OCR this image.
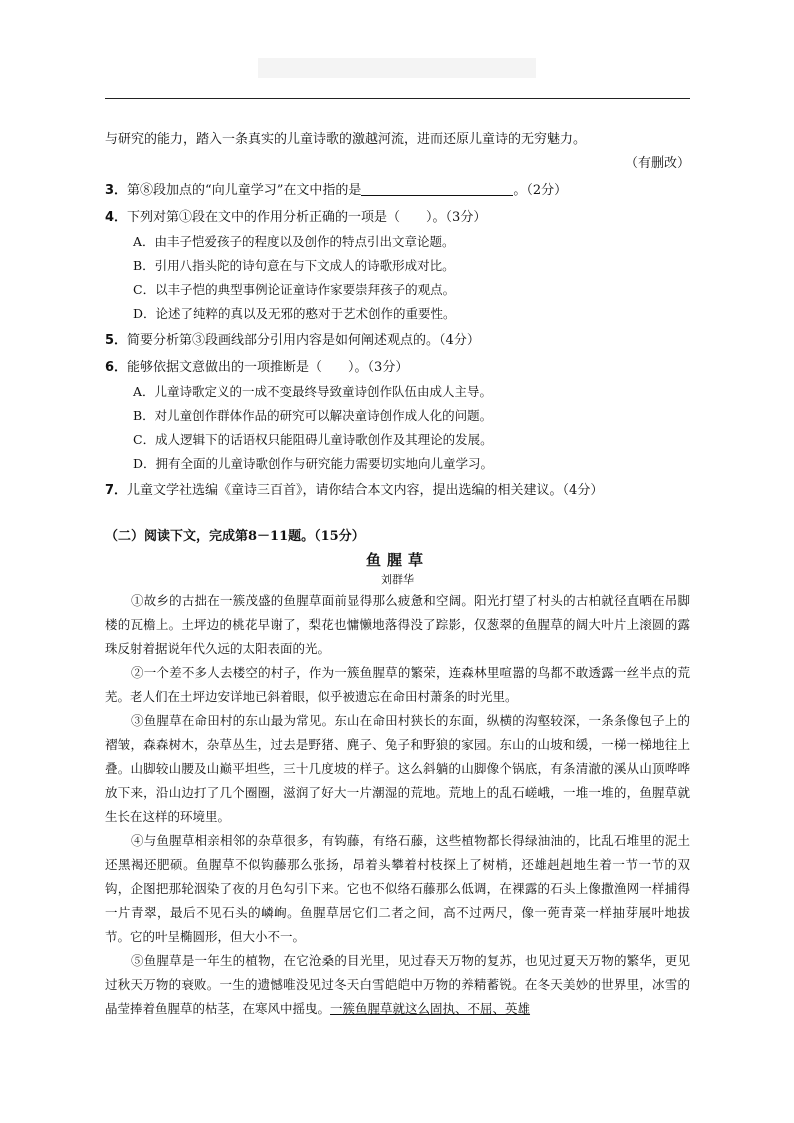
与研究的能力，踏入一条真实的儿童诗歌的激越河流，进而还原儿童诗的无穷魅力。

（有删改）

3．第⑧段加点的“向儿童学习”在文中指的是	。（2分）

4．下列对第①段在文中的作用分析正确的一项是（　　）。（3分）

A．由丰子恺爱孩子的程度以及创作的特点引出文章论题。

B．引用八指头陀的诗句意在与下文成人的诗歌形成对比。

C．以丰子恺的典型事例论证童诗作家要崇拜孩子的观点。

D．论述了纯粹的真以及无邪的憨对于艺术创作的重要性。

5．简要分析第③段画线部分引用内容是如何阐述观点的。（4分）

6．能够依据文意做出的一项推断是（　　）。（3分）

A．儿童诗歌定义的一成不变最终导致童诗创作队伍由成人主导。

B．对儿童创作群体作品的研究可以解决童诗创作成人化的问题。

C．成人逻辑下的话语权只能阻碍儿童诗歌创作及其理论的发展。

D．拥有全面的儿童诗歌创作与研究能力需要切实地向儿童学习。

7．儿童文学社选编《童诗三百首》，请你结合本文内容，提出选编的相关建议。（4分）

（二）阅读下文，完成第8－11题。（15分）

鱼腥草

刘群华

①故乡的古拙在一簇茂盛的鱼腥草面前显得那么疲惫和空阔。阳光打望了村头的古柏就径直晒在吊脚楼的瓦檐上。土坪边的桃花早谢了，梨花也慵懒地落得没了踪影，仅葱翠的鱼腥草的阔大叶片上滚圆的露珠反射着据说年代久远的太阳表面的光。

②一个差不多人去楼空的村子，作为一簇鱼腥草的繁荣，连森林里喧嚣的鸟都不敢透露一丝半点的荒芜。老人们在土坪边安详地已斜着眼，似乎被遗忘在命田村萧条的时光里。

③鱼腥草在命田村的东山最为常见。东山在命田村狭长的东面，纵横的沟壑较深，一条条像包子上的褶皱，森森树木，杂草丛生，过去是野猪、麂子、兔子和野狼的家园。东山的山坡和缓，一梯一梯地往上叠。山脚较山腰及山巅平坦些，三十几度坡的样子。这么斜躺的山脚像个锅底，有条清澈的溪从山顶哗哗放下来，沿山边打了几个圈圈，滋润了好大一片潮湿的荒地。荒地上的乱石嵯峨，一堆一堆的，鱼腥草就生长在这样的环境里。

④与鱼腥草相亲相邻的杂草很多，有钩藤，有络石藤，这些植物都长得绿油油的，比乱石堆里的泥土还黑褐还肥硕。鱼腥草不似钩藤那么张扬，昂着头攀着村枝探上了树梢，还雄赳赳地生着一节一节的双钩，企图把那轮洇染了夜的月色勾引下来。它也不似络石藤那么低调，在裸露的石头上像撒渔网一样捕得一片青翠，最后不见石头的嶙峋。鱼腥草居它们二者之间，高不过两尺，像一蔸青菜一样抽芽展叶地拔节。它的叶呈椭圆形，但大小不一。

⑤鱼腥草是一年生的植物，在它沧桑的目光里，见过春天万物的复苏，也见过夏天万物的繁华，更见过秋天万物的衰败。一生的遗憾唯没见过冬天白雪皑皑中万物的养精蓄锐。在冬天美妙的世界里，冰雪的晶莹捧着鱼腥草的枯茎，在寒风中摇曳。一簇鱼腥草就这么固执、不屈、英雄
